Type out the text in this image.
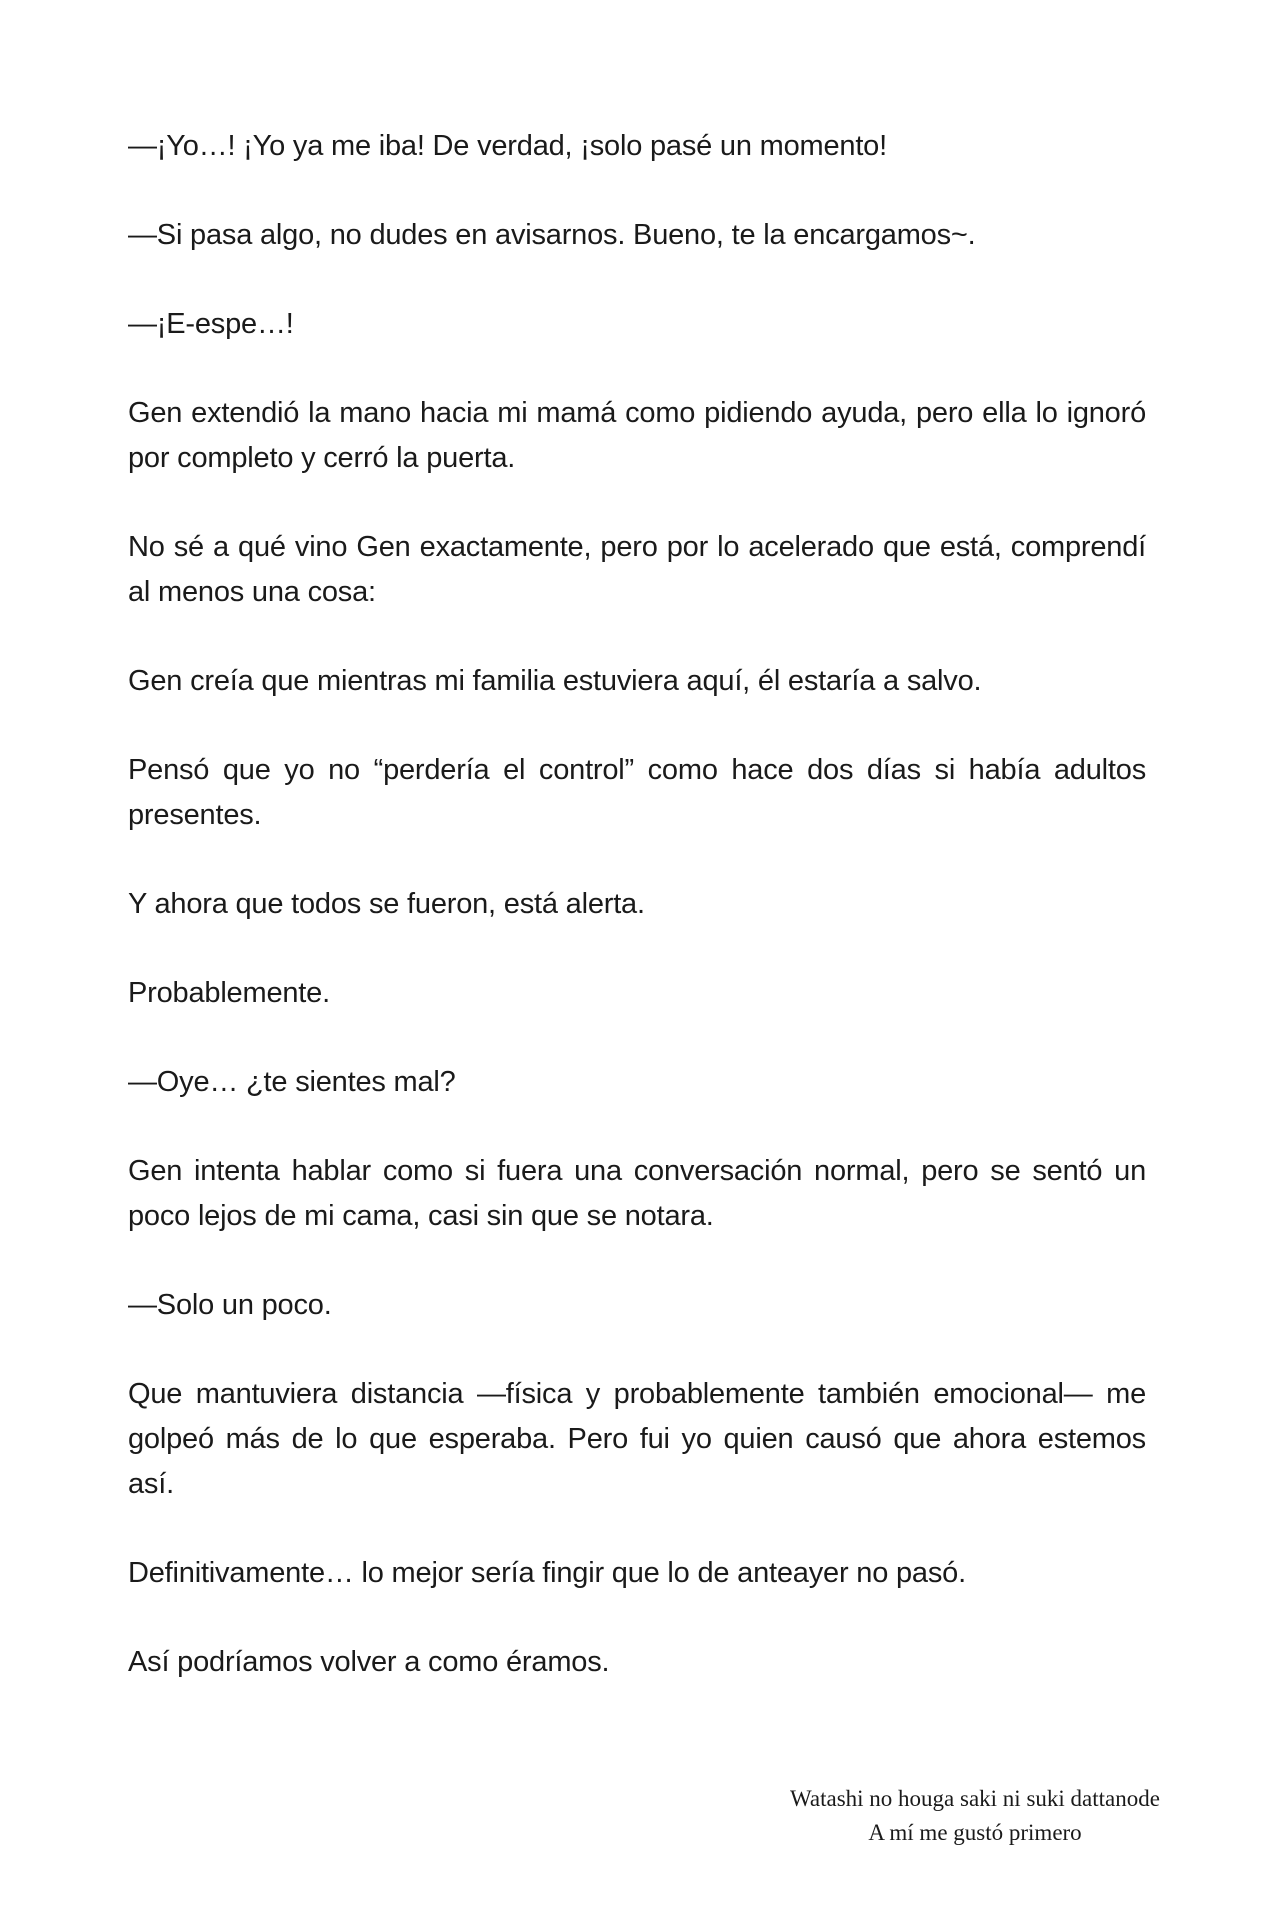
—¡Yo…! ¡Yo ya me iba! De verdad, ¡solo pasé un momento!

—Si pasa algo, no dudes en avisarnos. Bueno, te la encargamos~.

—¡E-espe…!

Gen extendió la mano hacia mi mamá como pidiendo ayuda, pero ella lo ignoró por completo y cerró la puerta.

No sé a qué vino Gen exactamente, pero por lo acelerado que está, comprendí al menos una cosa:

Gen creía que mientras mi familia estuviera aquí, él estaría a salvo.

Pensó que yo no “perdería el control” como hace dos días si había adultos presentes.

Y ahora que todos se fueron, está alerta.

Probablemente.

—Oye… ¿te sientes mal?

Gen intenta hablar como si fuera una conversación normal, pero se sentó un poco lejos de mi cama, casi sin que se notara.

—Solo un poco.

Que mantuviera distancia —física y probablemente también emocional— me golpeó más de lo que esperaba. Pero fui yo quien causó que ahora estemos así.

Definitivamente… lo mejor sería fingir que lo de anteayer no pasó.

Así podríamos volver a como éramos.

Watashi no houga saki ni suki dattanode
A mí me gustó primero
